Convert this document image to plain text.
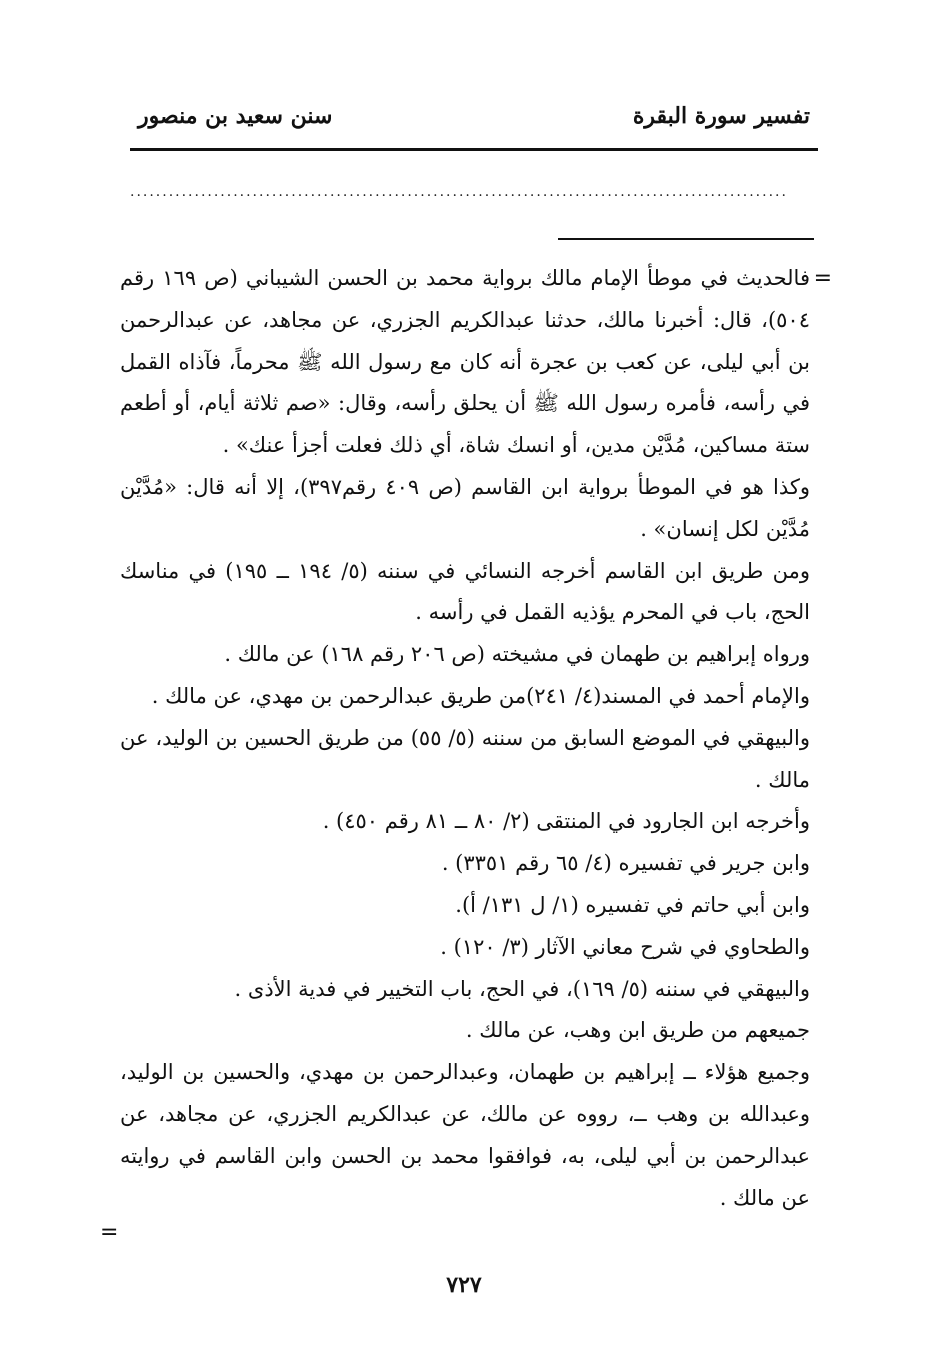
تفسير سورة البقرة
سنن سعيد بن منصور
......................................................................................................
=

فالحديث في موطأ الإمام مالك برواية محمد بن الحسن الشيباني (ص ١٦٩ رقم ٥٠٤)، قال: أخبرنا مالك، حدثنا عبدالكريم الجزري، عن مجاهد، عن عبدالرحمن بن أبي ليلى، عن كعب بن عجرة أنه كان مع رسول الله ﷺ محرماً، فآذاه القمل في رأسه، فأمره رسول الله ﷺ أن يحلق رأسه، وقال: «صم ثلاثة أيام، أو أطعم ستة مساكين، مُدَّيْن مدين، أو انسك شاة، أي ذلك فعلت أجزأ عنك» .

وكذا هو في الموطأ برواية ابن القاسم (ص ٤٠٩ رقم٣٩٧)، إلا أنه قال: «مُدَّيْن مُدَّيْن لكل إنسان» .

ومن طريق ابن القاسم أخرجه النسائي في سننه (٥/ ١٩٤ ــ ١٩٥) في مناسك الحج، باب في المحرم يؤذيه القمل في رأسه .

ورواه إبراهيم بن طهمان في مشيخته (ص ٢٠٦ رقم ١٦٨) عن مالك .

والإمام أحمد في المسند(٤/ ٢٤١)من طريق عبدالرحمن بن مهدي، عن مالك .

والبيهقي في الموضع السابق من سننه (٥/ ٥٥) من طريق الحسين بن الوليد، عن مالك .

وأخرجه ابن الجارود في المنتقى (٢/ ٨٠ ــ ٨١ رقم ٤٥٠) .

وابن جرير في تفسيره (٤/ ٦٥ رقم ٣٣٥١) .

وابن أبي حاتم في تفسيره (١/ ل ١٣١/ أ).

والطحاوي في شرح معاني الآثار (٣/ ١٢٠) .

والبيهقي في سننه (٥/ ١٦٩)، في الحج، باب التخيير في فدية الأذى .

جميعهم من طريق ابن وهب، عن مالك .

وجميع هؤلاء ــ إبراهيم بن طهمان، وعبدالرحمن بن مهدي، والحسين بن الوليد، وعبدالله بن وهب ــ، رووه عن مالك، عن عبدالكريم الجزري، عن مجاهد، عن عبدالرحمن بن أبي ليلى، به، فوافقوا محمد بن الحسن وابن القاسم في روايته عن مالك .

=
٧٢٧
